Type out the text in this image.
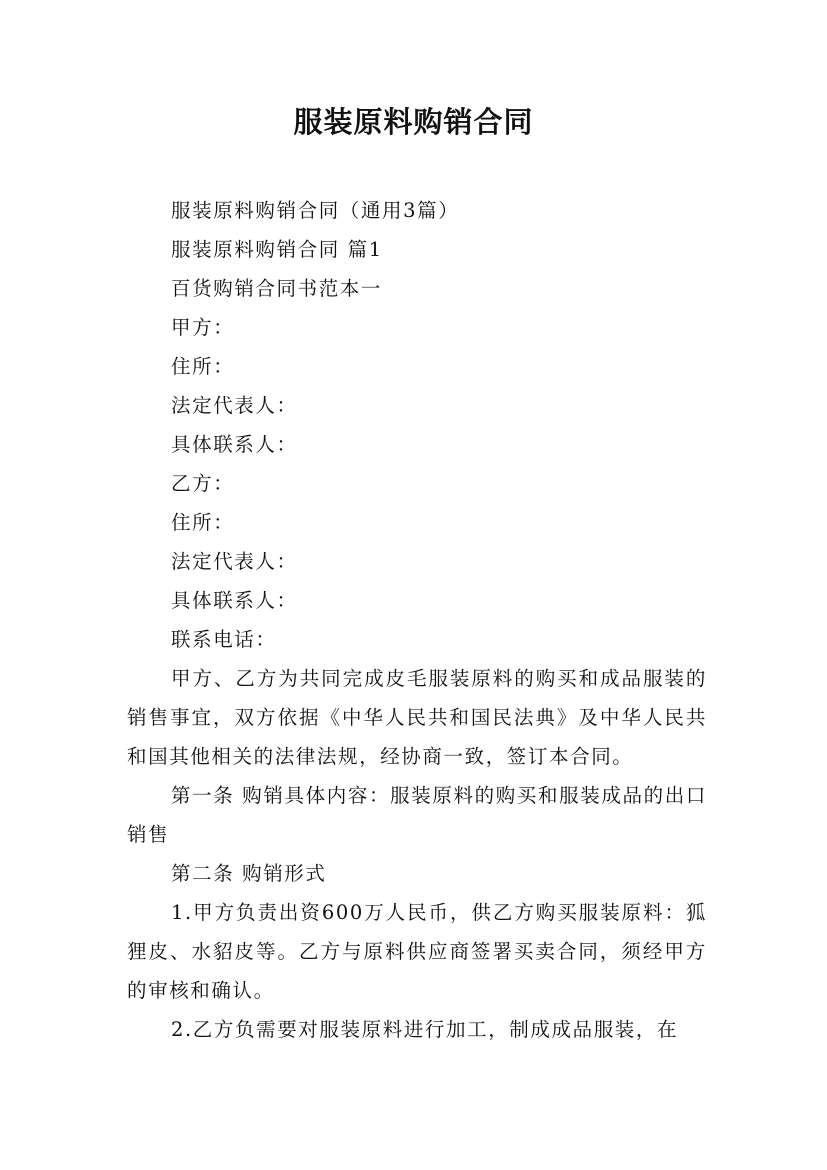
服装原料购销合同
服装原料购销合同（通用3篇）
服装原料购销合同 篇1
百货购销合同书范本一
甲方：
住所：
法定代表人：
具体联系人：
乙方：
住所：
法定代表人：
具体联系人：
联系电话：
甲方、乙方为共同完成皮毛服装原料的购买和成品服装的销售事宜，双方依据《中华人民共和国民法典》及中华人民共和国其他相关的法律法规，经协商一致，签订本合同。
第一条 购销具体内容：服装原料的购买和服装成品的出口销售
第二条 购销形式
1.甲方负责出资600万人民币，供乙方购买服装原料：狐狸皮、水貂皮等。乙方与原料供应商签署买卖合同，须经甲方的审核和确认。
2.乙方负需要对服装原料进行加工，制成成品服装，在
